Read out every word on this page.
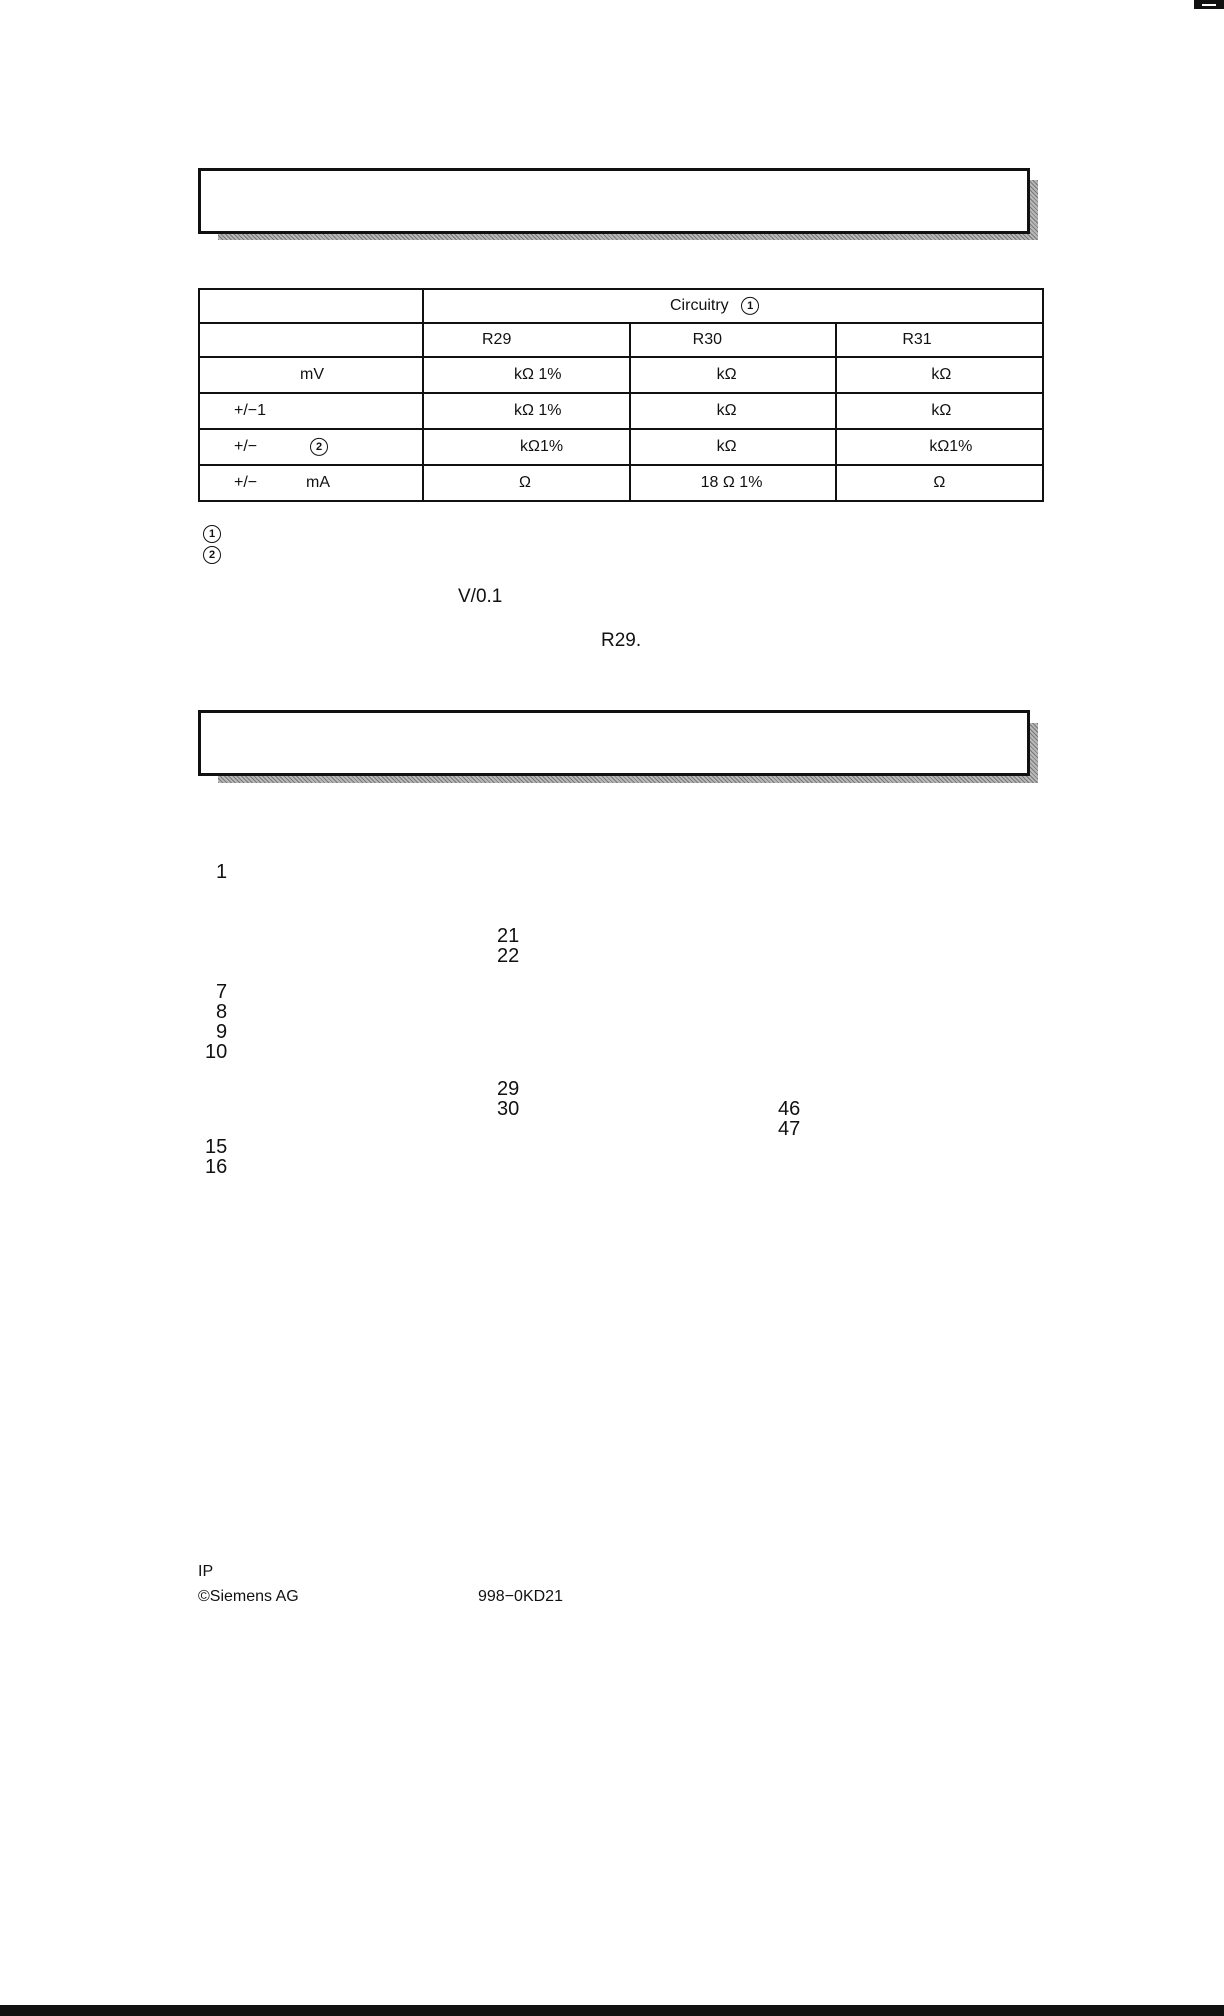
	Circuitry 1		

	R29	R30	R31

mV	kΩ 1%	kΩ	kΩ

+/−1	kΩ 1%	kΩ	kΩ

+/− 2	kΩ1%	kΩ	kΩ1%

+/− mA	Ω	18 Ω 1%	Ω
1
2
V/0.1
R29.
1
21
22
7
8
9
10
29
30	46
47
15
16
IP
©Siemens AG	998−0KD21
